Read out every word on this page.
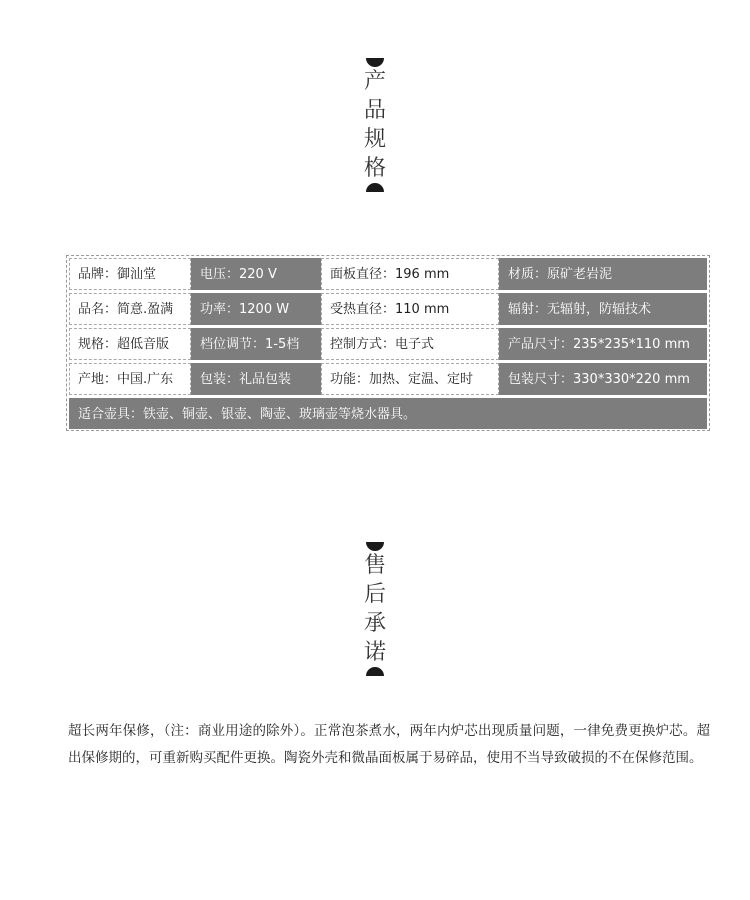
产
品
规
格
品牌：御汕堂	电压：220 V	面板直径：196 mm	材质：原矿老岩泥
品名：简意.盈满	功率：1200 W	受热直径：110 mm	辐射：无辐射，防辐技术
规格：超低音版	档位调节：1-5档	控制方式：电子式	产品尺寸：235*235*110 mm
产地：中国.广东	包装：礼品包装	功能：加热、定温、定时	包装尺寸：330*330*220 mm
适合壶具：铁壶、铜壶、银壶、陶壶、玻璃壶等烧水器具。
售
后
承
诺

超长两年保修，（注：商业用途的除外）。正常泡茶煮水，两年内炉芯出现质量问题，一律免费更换炉芯。超出保修期的，可重新购买配件更换。陶瓷外壳和微晶面板属于易碎品，使用不当导致破损的不在保修范围。
